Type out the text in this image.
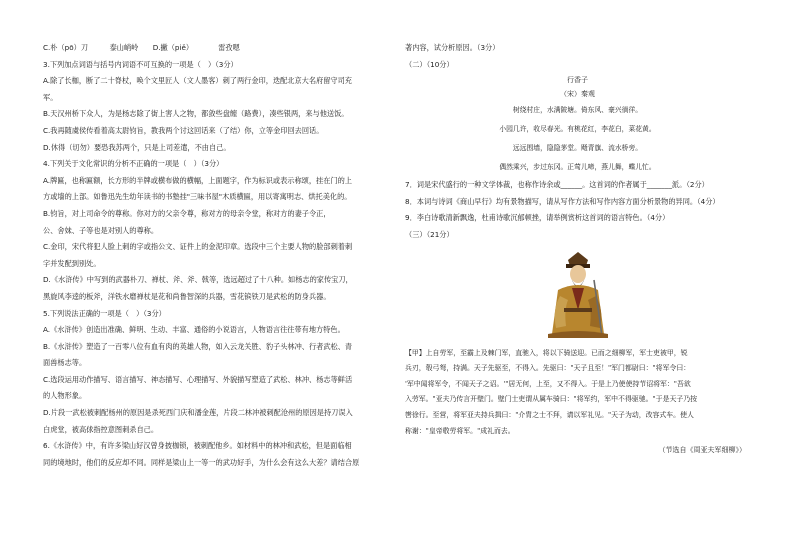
C.朴（pō）刀　　　泰山峭岭　　D.撇（piě）　　　　雷孜嗯
3.下列加点词语与括号内词语不可互换的一项是（　）（3分）
A.除了长枷，断了二十脊杖，唤个文里匠人（文人墨客）刺了两行金印，迭配北京大名府留守司充
军。
B.天汉州桥下众人，为是杨志除了街上害人之物，都敛些盘缠（路费），凑些银两，来与他送饭。
C.我再随虞侯传看着高太尉钧旨，教我两个讨这回话来（了结）你，立等金印回去回话。
D.休得（切勿）要恐我苏两个，只是上司差遣，不由自己。
4.下列关于文化常识的分析不正确的一项是（　）（3分）
A.牌匾，也称匾额，长方形的半牌或横布做的横幅，上面题字，作为标识或表示称颂，挂在门的上
方或墙的上部。如鲁迅先生幼年读书的书塾挂"三味书屋"木质横匾，用以寄寓明志、烘托美化的。
B.钧旨，对上司命令的尊称。你对方的父亲令尊，称对方的母亲令堂，称对方的妻子令正，
公、舍妹、子等也是对别人的尊称。
C.金印，宋代将犯人脸上刺的字或指公文、证件上的金泥印章。选段中三个主要人物的脸部刺着刺
字并发配到别处。
D.《水浒传》中写到的武器朴刀、禅杖、斧、斧、戟等，选远超过了十八种。如杨志的家传宝刀，
黑旋风李逵的板斧，洋铁水磨禅杖是花和尚鲁智深的兵器，雪花镔铁刀是武松的防身兵器。
5.下列说法正确的一项是（　）（3分）
A.《水浒传》创造出准确、鲜明、生动、丰富、通俗的小说语言，人物语言往往带有地方特色。
B.《水浒传》塑造了一百零八位有血有肉的英雄人物，如入云龙关胜、豹子头林冲、行者武松、青
面兽杨志等。
C.选段运用动作描写、语言描写、神态描写、心理描写、外貌描写塑造了武松、林冲、杨志等鲜活
的人物形象。
D.片段一武松被刺配杨州的原因是杀死西门庆和潘金莲，片段二林冲被刺配沧州的原因是持刀误入
白虎堂，被高俅指控意图刺杀自己。
6.《水浒传》中，有许多梁山好汉曾身披枷锁，被刺配他乡。如材料中的林冲和武松，但是面临相
同的境地时，他们的反应却不同。同样是梁山上一等一的武功好手，为什么会有这么大差？请结合原
著内容，试分析原因。（3分）
（二）（10分）
行香子
（宋）秦观
树绕村庄，水满陂塘。倚东风、豪兴徜徉。
小园几许，收尽春光。有桃花红，李花白，菜花黄。
远远围墙，隐隐茅堂。飏青旗、流水桥旁。
偶然乘兴，步过东冈。正莺儿啼，燕儿舞，蝶儿忙。
7．词是宋代盛行的一种文学体裁，也称作诗余或______。这首词的作者属于_______派。（2分）
8．本词与诗词《商山早行》均有景物描写，请从写作方法和写作内容方面分析景物的异同。（4分）
9．李白诗歌清新飘逸，杜甫诗歌沉郁顿挫，请举例赏析这首词的语言特色。（4分）
（三）（21分）
【甲】上自劳军，至霸上及棘门军，直驰入，将以下骑送迎。已而之细柳军，军士吏被甲，锐
兵刃，彀弓弩，持满。天子先驱至，不得入。先驱曰："天子且至！"军门都尉曰："将军令曰：
'军中闻将军令，不闻天子之诏。'"居无何，上至，又不得入。于是上乃使使持节诏将军："吾欲
入劳军。"亚夫乃传言开壁门。壁门士吏谓从属车骑曰："将军约，军中不得驱驰。"于是天子乃按
辔徐行。至营，将军亚夫持兵揖曰："介胄之士不拜，请以军礼见。"天子为动，改容式车。使人
称谢："皇帝敬劳将军。"成礼而去。
（节选自《周亚夫军细柳》）
